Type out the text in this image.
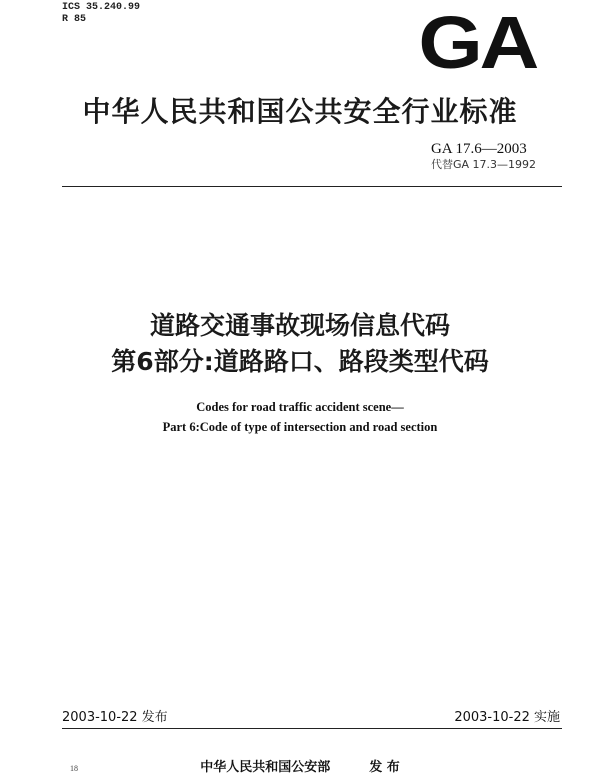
ICS 35.240.99
R 85	GA
中华人民共和国公共安全行业标准
GA 17.6—2003
代替GA 17.3—1992
道路交通事故现场信息代码
第6部分:道路路口、路段类型代码
Codes for road traffic accident scene—
Part 6:Code of type of intersection and road section
2003-10-22 发布	2003-10-22 实施
中华人民共和国公安部	发 布
18
